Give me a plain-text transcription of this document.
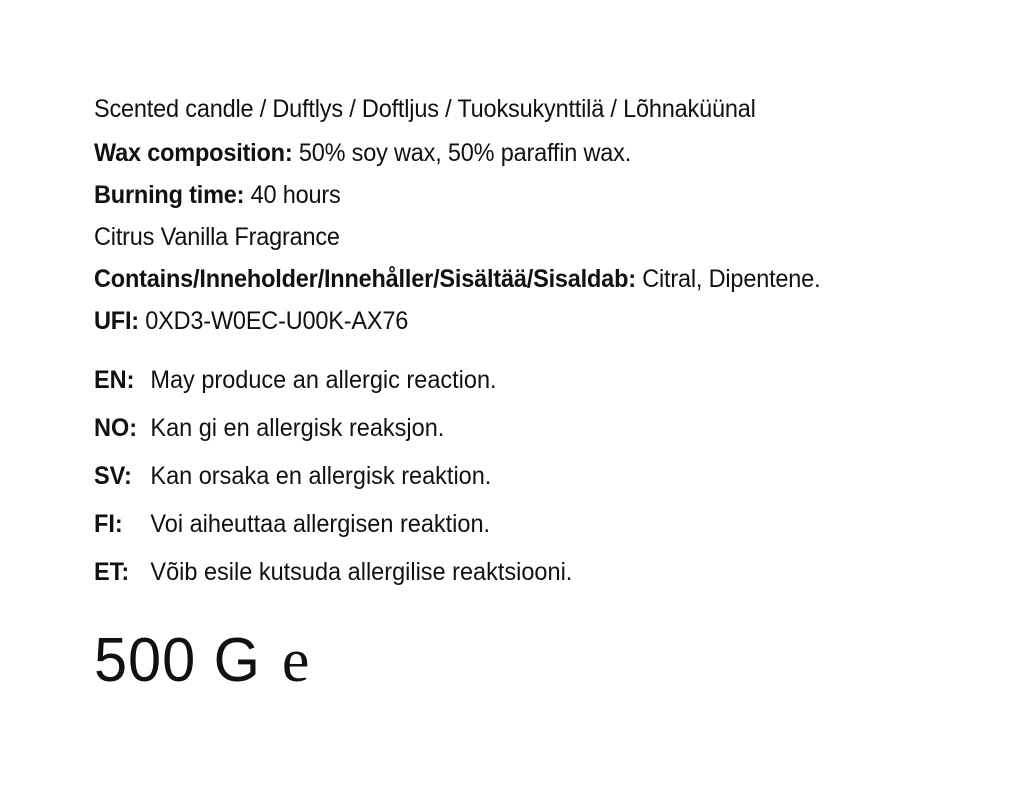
Scented candle / Duftlys / Doftljus / Tuoksukynttilä / Lõhnaküünal
Wax composition: 50% soy wax, 50% paraffin wax.
Burning time: 40 hours
Citrus Vanilla Fragrance
Contains/Inneholder/Innehåller/Sisältää/Sisaldab: Citral, Dipentene.
UFI: 0XD3-W0EC-U00K-AX76
EN: May produce an allergic reaction.
NO: Kan gi en allergisk reaksjon.
SV: Kan orsaka en allergisk reaktion.
FI:	Voi aiheuttaa allergisen reaktion.
ET: Võib esile kutsuda allergilise reaktsiooni.
500 G e
